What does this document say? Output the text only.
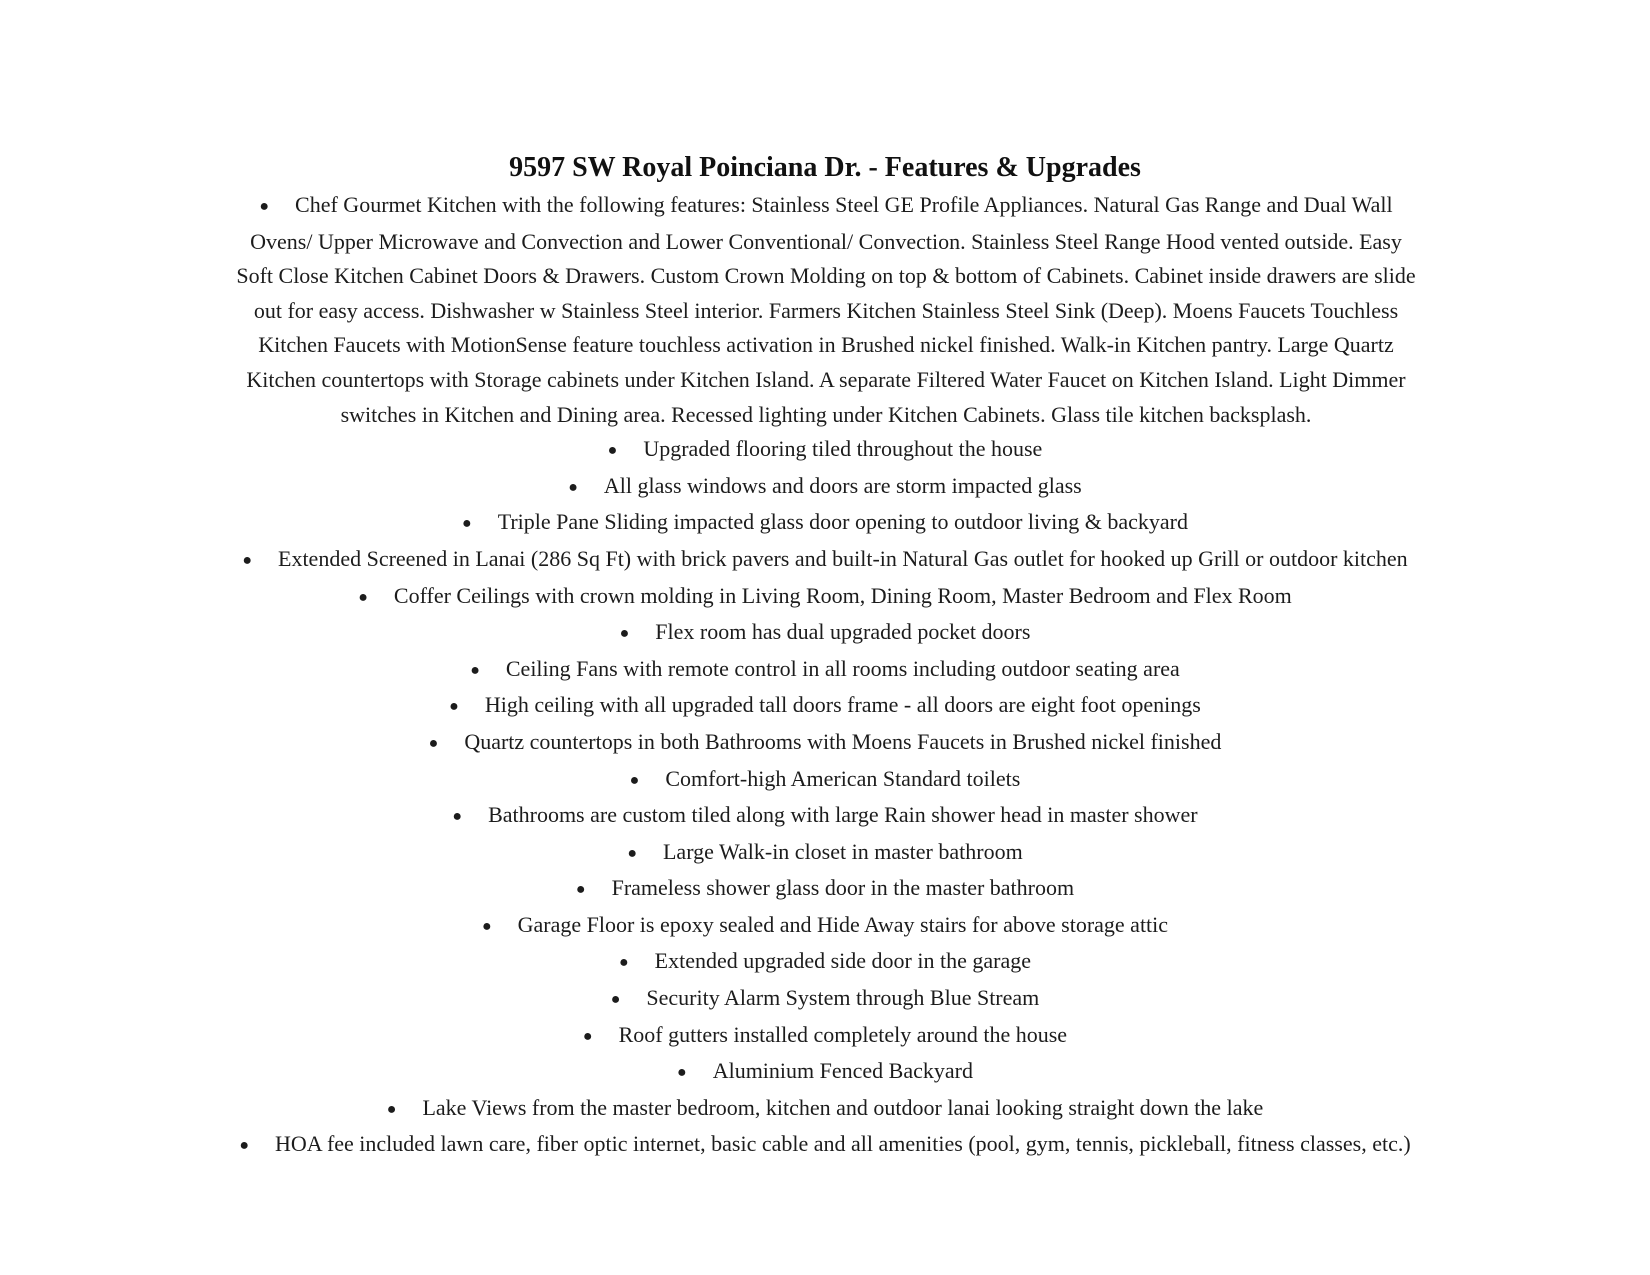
9597 SW Royal Poinciana Dr. - Features & Upgrades
● Chef Gourmet Kitchen with the following features: Stainless Steel GE Profile Appliances. Natural Gas Range and Dual Wall Ovens/ Upper Microwave and Convection and Lower Conventional/ Convection. Stainless Steel Range Hood vented outside. Easy Soft Close Kitchen Cabinet Doors & Drawers. Custom Crown Molding on top & bottom of Cabinets. Cabinet inside drawers are slide out for easy access. Dishwasher w Stainless Steel interior. Farmers Kitchen Stainless Steel Sink (Deep). Moens Faucets Touchless Kitchen Faucets with MotionSense feature touchless activation in Brushed nickel finished. Walk-in Kitchen pantry. Large Quartz Kitchen countertops with Storage cabinets under Kitchen Island. A separate Filtered Water Faucet on Kitchen Island. Light Dimmer switches in Kitchen and Dining area. Recessed lighting under Kitchen Cabinets. Glass tile kitchen backsplash.
● Upgraded flooring tiled throughout the house
● All glass windows and doors are storm impacted glass
● Triple Pane Sliding impacted glass door opening to outdoor living & backyard
● Extended Screened in Lanai (286 Sq Ft) with brick pavers and built-in Natural Gas outlet for hooked up Grill or outdoor kitchen
● Coffer Ceilings with crown molding in Living Room, Dining Room, Master Bedroom and Flex Room
● Flex room has dual upgraded pocket doors
● Ceiling Fans with remote control in all rooms including outdoor seating area
● High ceiling with all upgraded tall doors frame - all doors are eight foot openings
● Quartz countertops in both Bathrooms with Moens Faucets in Brushed nickel finished
● Comfort-high American Standard toilets
● Bathrooms are custom tiled along with large Rain shower head in master shower
● Large Walk-in closet in master bathroom
● Frameless shower glass door in the master bathroom
● Garage Floor is epoxy sealed and Hide Away stairs for above storage attic
● Extended upgraded side door in the garage
● Security Alarm System through Blue Stream
● Roof gutters installed completely around the house
● Aluminium Fenced Backyard
● Lake Views from the master bedroom, kitchen and outdoor lanai looking straight down the lake
● HOA fee included lawn care, fiber optic internet, basic cable and all amenities (pool, gym, tennis, pickleball, fitness classes, etc.)
